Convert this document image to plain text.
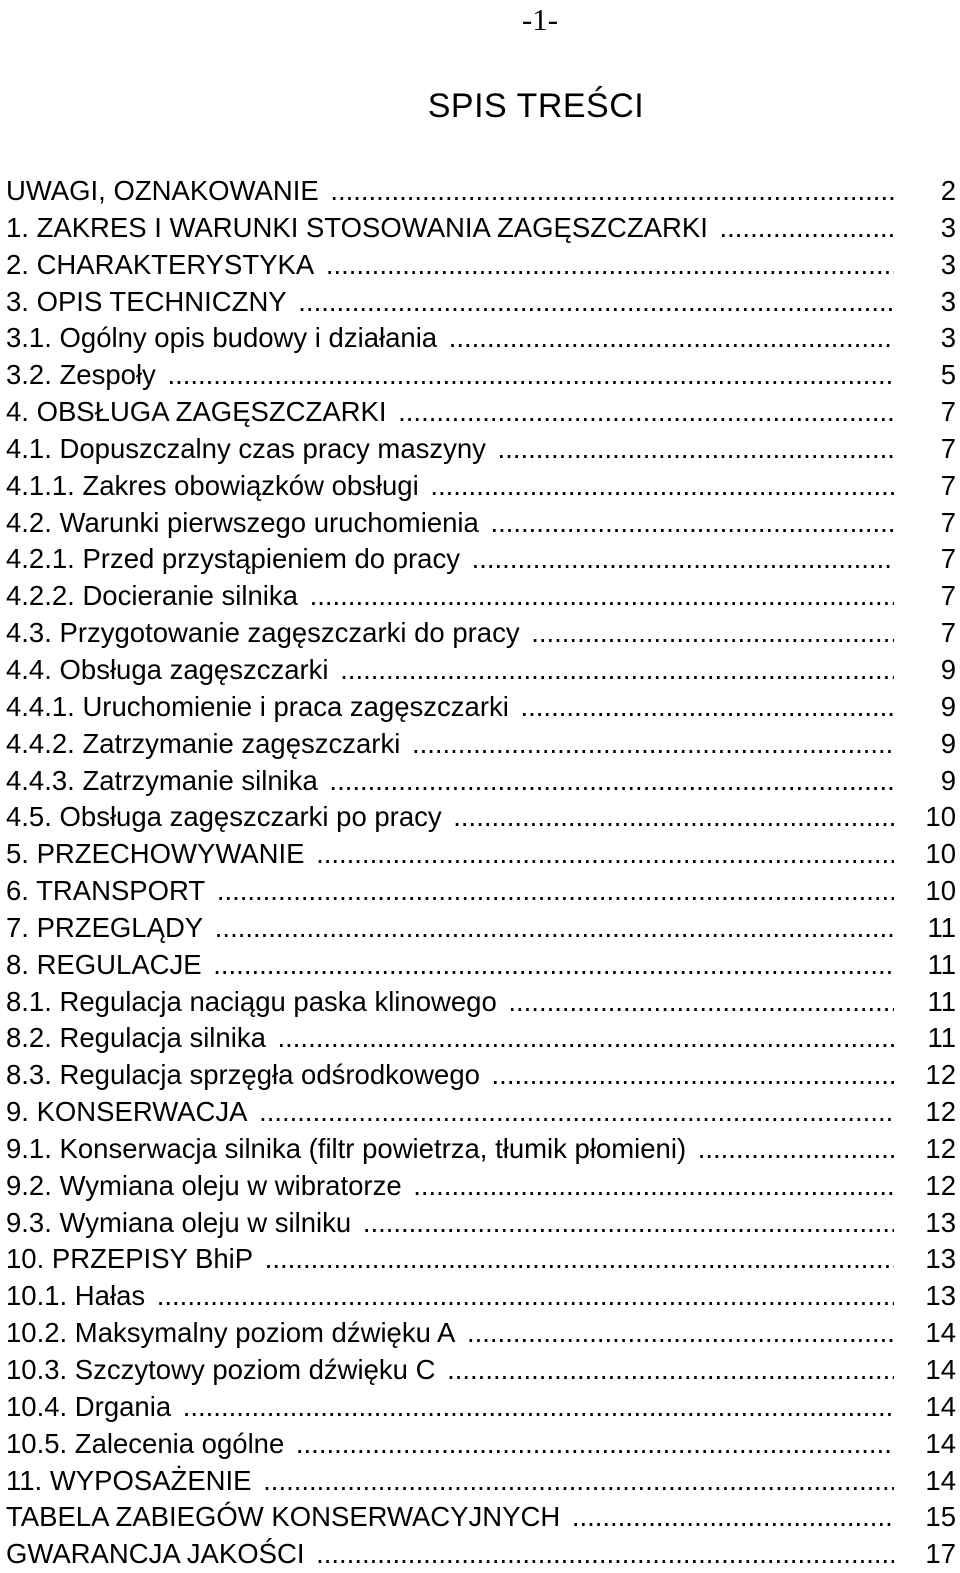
-1-
SPIS TREŚCI
UWAGI, OZNAKOWANIE .....	2
1. ZAKRES I WARUNKI STOSOWANIA ZAGĘSZCZARKI .....	3
2. CHARAKTERYSTYKA .....	3
3. OPIS TECHNICZNY .....	3
3.1. Ogólny opis budowy i działania .....	3
3.2. Zespoły .....	5
4. OBSŁUGA ZAGĘSZCZARKI .....	7
4.1. Dopuszczalny czas pracy maszyny .....	7
4.1.1. Zakres obowiązków obsługi .....	7
4.2. Warunki pierwszego uruchomienia .....	7
4.2.1. Przed przystąpieniem do pracy .....	7
4.2.2. Docieranie silnika .....	7
4.3. Przygotowanie zagęszczarki do pracy .....	7
4.4. Obsługa zagęszczarki .....	9
4.4.1. Uruchomienie i praca zagęszczarki .....	9
4.4.2. Zatrzymanie zagęszczarki .....	9
4.4.3. Zatrzymanie silnika .....	9
4.5. Obsługa zagęszczarki po pracy .....	10
5. PRZECHOWYWANIE .....	10
6. TRANSPORT .....	10
7. PRZEGLĄDY .....	11
8. REGULACJE .....	11
8.1. Regulacja naciągu paska klinowego .....	11
8.2. Regulacja silnika .....	11
8.3. Regulacja sprzęgła odśrodkowego .....	12
9. KONSERWACJA .....	12
9.1. Konserwacja silnika (filtr powietrza, tłumik płomieni) .....	12
9.2. Wymiana oleju w wibratorze .....	12
9.3. Wymiana oleju w silniku .....	13
10. PRZEPISY BhiP .....	13
10.1. Hałas .....	13
10.2. Maksymalny poziom dźwięku A .....	14
10.3. Szczytowy poziom dźwięku C .....	14
10.4. Drgania .....	14
10.5. Zalecenia ogólne .....	14
11. WYPOSAŻENIE .....	14
TABELA ZABIEGÓW KONSERWACYJNYCH .....	15
GWARANCJA JAKOŚCI .....	17
